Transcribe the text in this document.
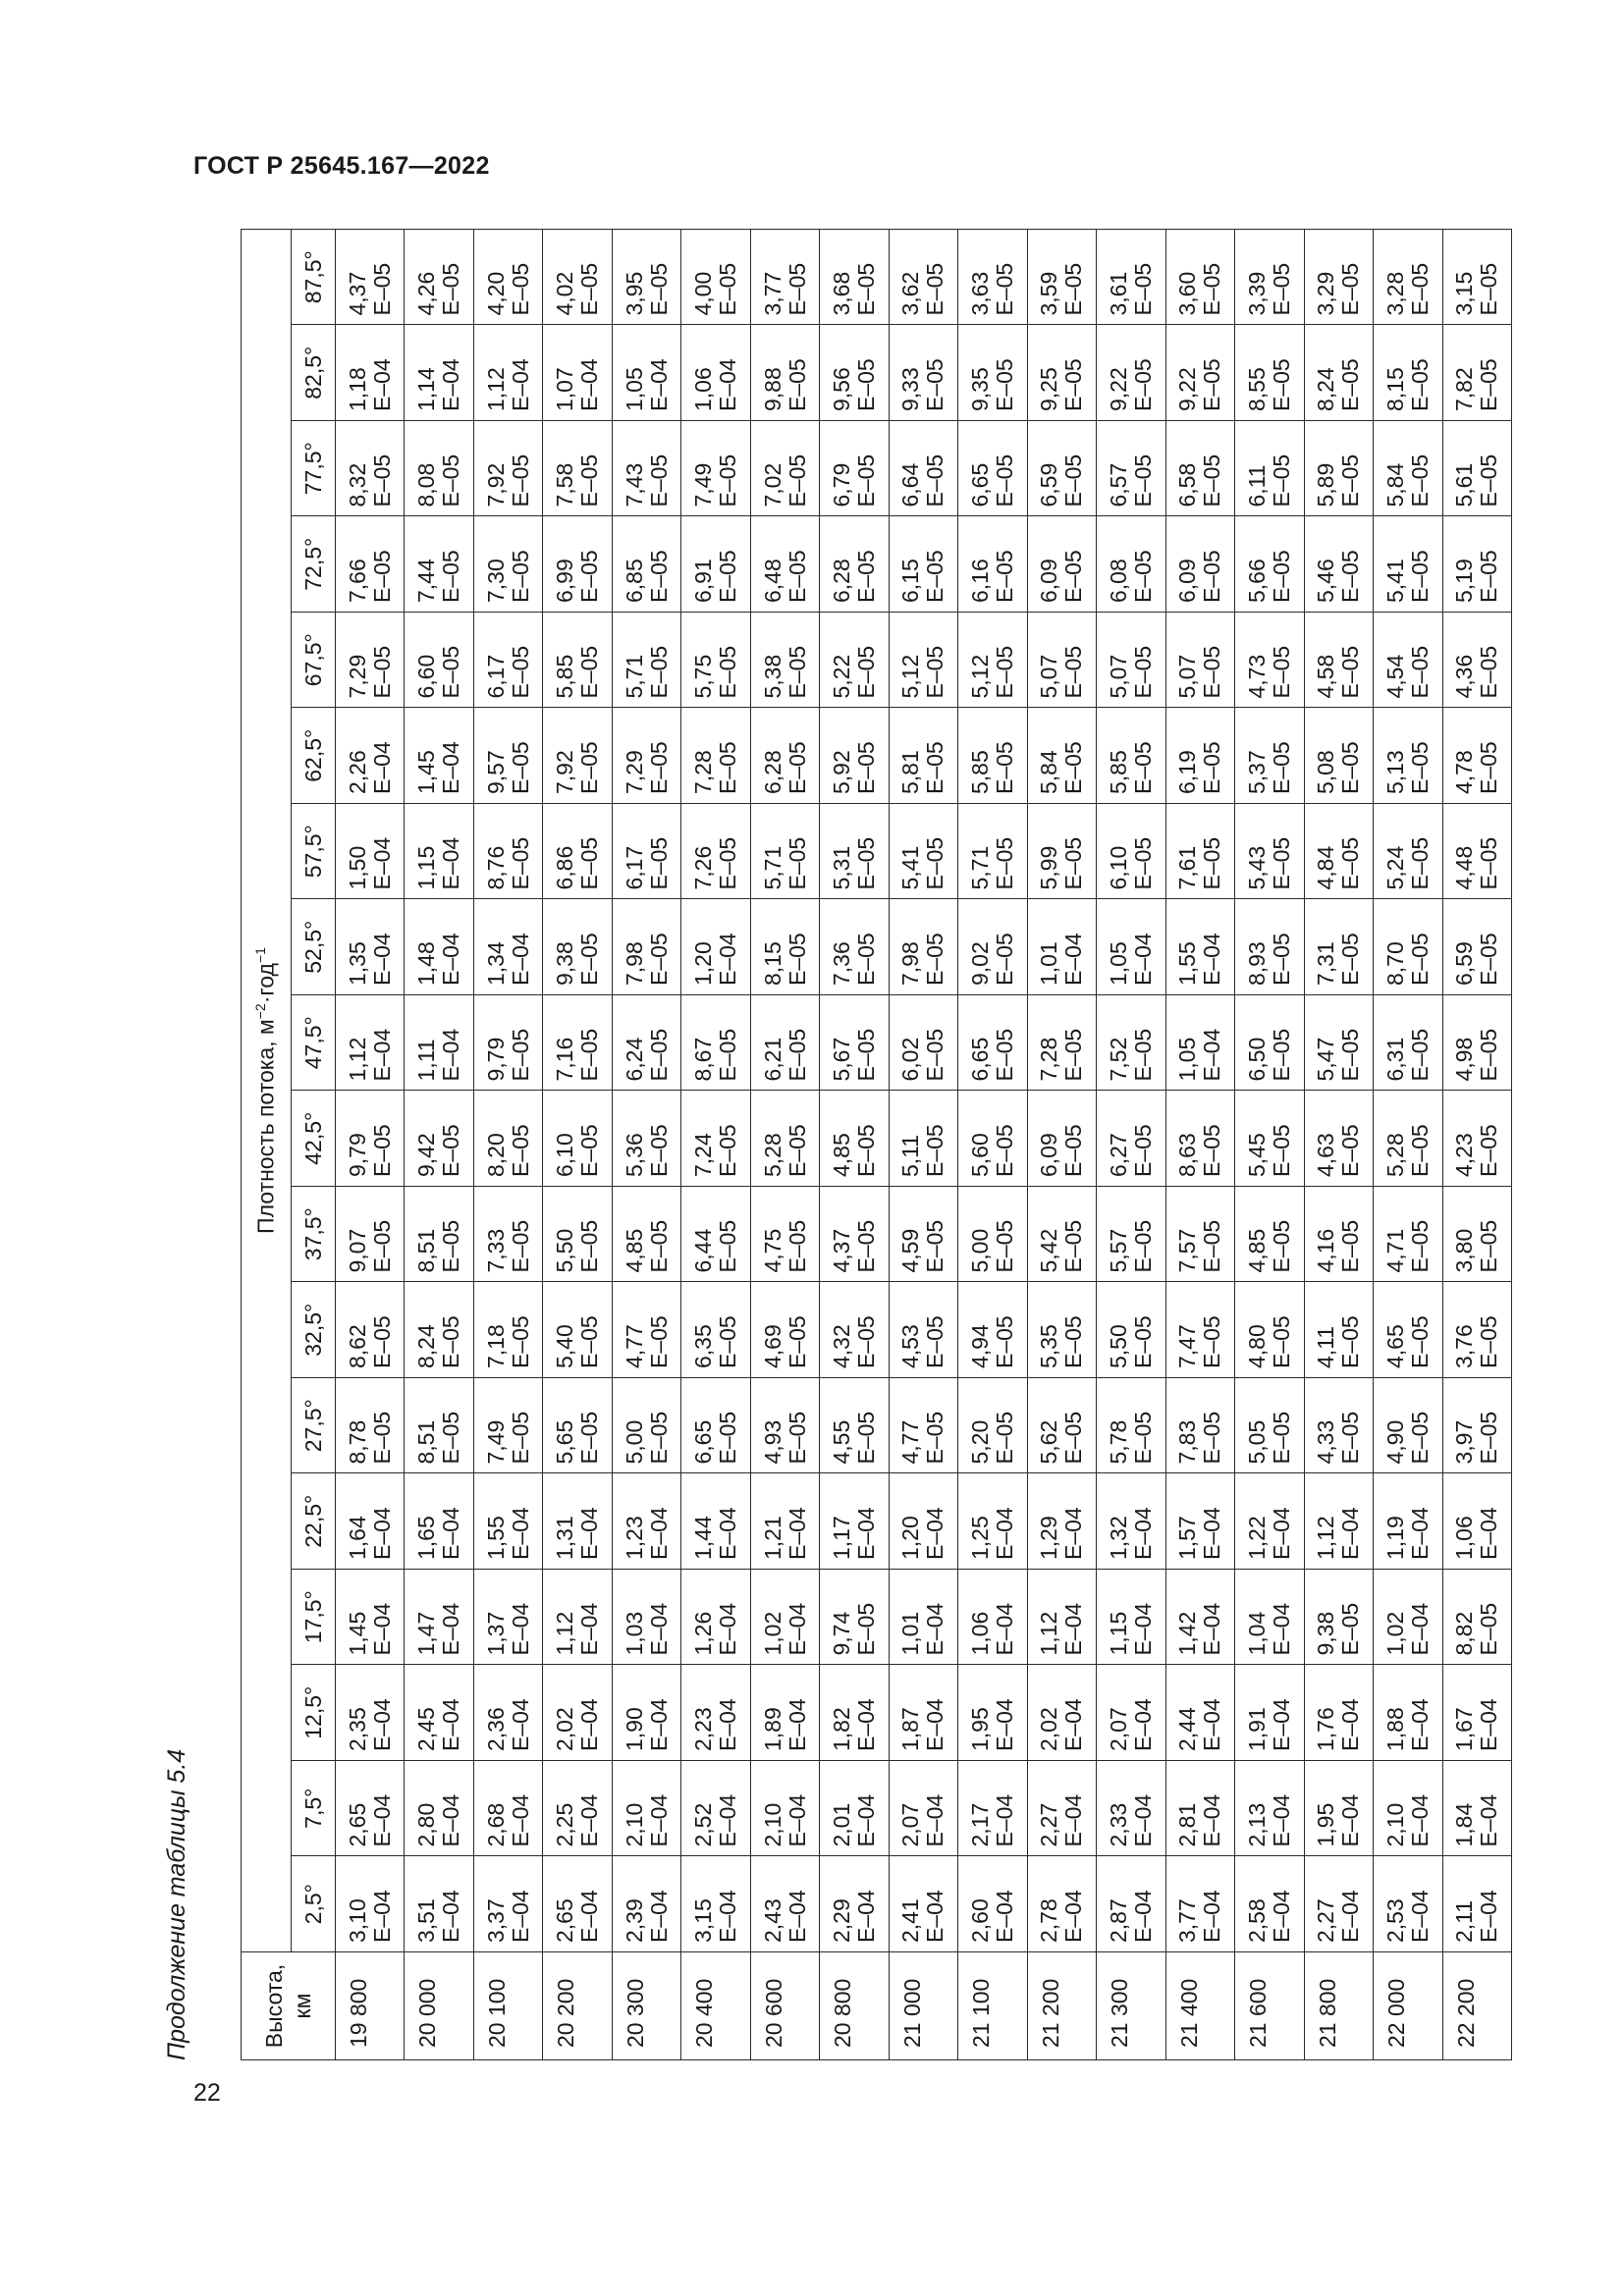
ГОСТ Р 25645.167—2022
Продолжение таблицы 5.4	Высота, км	Плотность потока, $м^{-2}\cdot год^{-1}$
	2,5°	7,5°	12,5°	17,5°	22,5°	27,5°	32,5°	37,5°	42,5°	47,5°	52,5°	57,5°	62,5°	67,5°	72,5°	77,5°	82,5°	87,5°
19 800	3,10 E–04	2,65 E–04	2,35 E–04	1,45 E–04	1,64 E–04	8,78 E–05	8,62 E–05	9,07 E–05	9,79 E–05	1,12 E–04	1,35 E–04	1,50 E–04	2,26 E–04	7,29 E–05	7,66 E–05	8,32 E–05	1,18 E–04	4,37 E–05

20 000	3,51 E–04	2,80 E–04	2,45 E–04	1,47 E–04	1,65 E–04	8,51 E–05	8,24 E–05	8,51 E–05	9,42 E–05	1,11 E–04	1,48 E–04	1,15 E–04	1,45 E–04	6,60 E–05	7,44 E–05	8,08 E–05	1,14 E–04	4,26 E–05

20 100	3,37 E–04	2,68 E–04	2,36 E–04	1,37 E–04	1,55 E–04	7,49 E–05	7,18 E–05	7,33 E–05	8,20 E–05	9,79 E–05	1,34 E–04	8,76 E–05	9,57 E–05	6,17 E–05	7,30 E–05	7,92 E–05	1,12 E–04	4,20 E–05

20 200	2,65 E–04	2,25 E–04	2,02 E–04	1,12 E–04	1,31 E–04	5,65 E–05	5,40 E–05	5,50 E–05	6,10 E–05	7,16 E–05	9,38 E–05	6,86 E–05	7,92 E–05	5,85 E–05	6,99 E–05	7,58 E–05	1,07 E–04	4,02 E–05

20 300	2,39 E–04	2,10 E–04	1,90 E–04	1,03 E–04	1,23 E–04	5,00 E–05	4,77 E–05	4,85 E–05	5,36 E–05	6,24 E–05	7,98 E–05	6,17 E–05	7,29 E–05	5,71 E–05	6,85 E–05	7,43 E–05	1,05 E–04	3,95 E–05

20 400	3,15 E–04	2,52 E–04	2,23 E–04	1,26 E–04	1,44 E–04	6,65 E–05	6,35 E–05	6,44 E–05	7,24 E–05	8,67 E–05	1,20 E–04	7,26 E–05	7,28 E–05	5,75 E–05	6,91 E–05	7,49 E–05	1,06 E–04	4,00 E–05

20 600	2,43 E–04	2,10 E–04	1,89 E–04	1,02 E–04	1,21 E–04	4,93 E–05	4,69 E–05	4,75 E–05	5,28 E–05	6,21 E–05	8,15 E–05	5,71 E–05	6,28 E–05	5,38 E–05	6,48 E–05	7,02 E–05	9,88 E–05	3,77 E–05

20 800	2,29 E–04	2,01 E–04	1,82 E–04	9,74 E–05	1,17 E–04	4,55 E–05	4,32 E–05	4,37 E–05	4,85 E–05	5,67 E–05	7,36 E–05	5,31 E–05	5,92 E–05	5,22 E–05	6,28 E–05	6,79 E–05	9,56 E–05	3,68 E–05

21 000	2,41 E–04	2,07 E–04	1,87 E–04	1,01 E–04	1,20 E–04	4,77 E–05	4,53 E–05	4,59 E–05	5,11 E–05	6,02 E–05	7,98 E–05	5,41 E–05	5,81 E–05	5,12 E–05	6,15 E–05	6,64 E–05	9,33 E–05	3,62 E–05

21 100	2,60 E–04	2,17 E–04	1,95 E–04	1,06 E–04	1,25 E–04	5,20 E–05	4,94 E–05	5,00 E–05	5,60 E–05	6,65 E–05	9,02 E–05	5,71 E–05	5,85 E–05	5,12 E–05	6,16 E–05	6,65 E–05	9,35 E–05	3,63 E–05

21 200	2,78 E–04	2,27 E–04	2,02 E–04	1,12 E–04	1,29 E–04	5,62 E–05	5,35 E–05	5,42 E–05	6,09 E–05	7,28 E–05	1,01 E–04	5,99 E–05	5,84 E–05	5,07 E–05	6,09 E–05	6,59 E–05	9,25 E–05	3,59 E–05

21 300	2,87 E–04	2,33 E–04	2,07 E–04	1,15 E–04	1,32 E–04	5,78 E–05	5,50 E–05	5,57 E–05	6,27 E–05	7,52 E–05	1,05 E–04	6,10 E–05	5,85 E–05	5,07 E–05	6,08 E–05	6,57 E–05	9,22 E–05	3,61 E–05

21 400	3,77 E–04	2,81 E–04	2,44 E–04	1,42 E–04	1,57 E–04	7,83 E–05	7,47 E–05	7,57 E–05	8,63 E–05	1,05 E–04	1,55 E–04	7,61 E–05	6,19 E–05	5,07 E–05	6,09 E–05	6,58 E–05	9,22 E–05	3,60 E–05

21 600	2,58 E–04	2,13 E–04	1,91 E–04	1,04 E–04	1,22 E–04	5,05 E–05	4,80 E–05	4,85 E–05	5,45 E–05	6,50 E–05	8,93 E–05	5,43 E–05	5,37 E–05	4,73 E–05	5,66 E–05	6,11 E–05	8,55 E–05	3,39 E–05

21 800	2,27 E–04	1,95 E–04	1,76 E–04	9,38 E–05	1,12 E–04	4,33 E–05	4,11 E–05	4,16 E–05	4,63 E–05	5,47 E–05	7,31 E–05	4,84 E–05	5,08 E–05	4,58 E–05	5,46 E–05	5,89 E–05	8,24 E–05	3,29 E–05

22 000	2,53 E–04	2,10 E–04	1,88 E–04	1,02 E–04	1,19 E–04	4,90 E–05	4,65 E–05	4,71 E–05	5,28 E–05	6,31 E–05	8,70 E–05	5,24 E–05	5,13 E–05	4,54 E–05	5,41 E–05	5,84 E–05	8,15 E–05	3,28 E–05

22 200	2,11 E–04	1,84 E–04	1,67 E–04	8,82 E–05	1,06 E–04	3,97 E–05	3,76 E–05	3,80 E–05	4,23 E–05	4,98 E–05	6,59 E–05	4,48 E–05	4,78 E–05	4,36 E–05	5,19 E–05	5,61 E–05	7,82 E–05	3,15 E–05
22
